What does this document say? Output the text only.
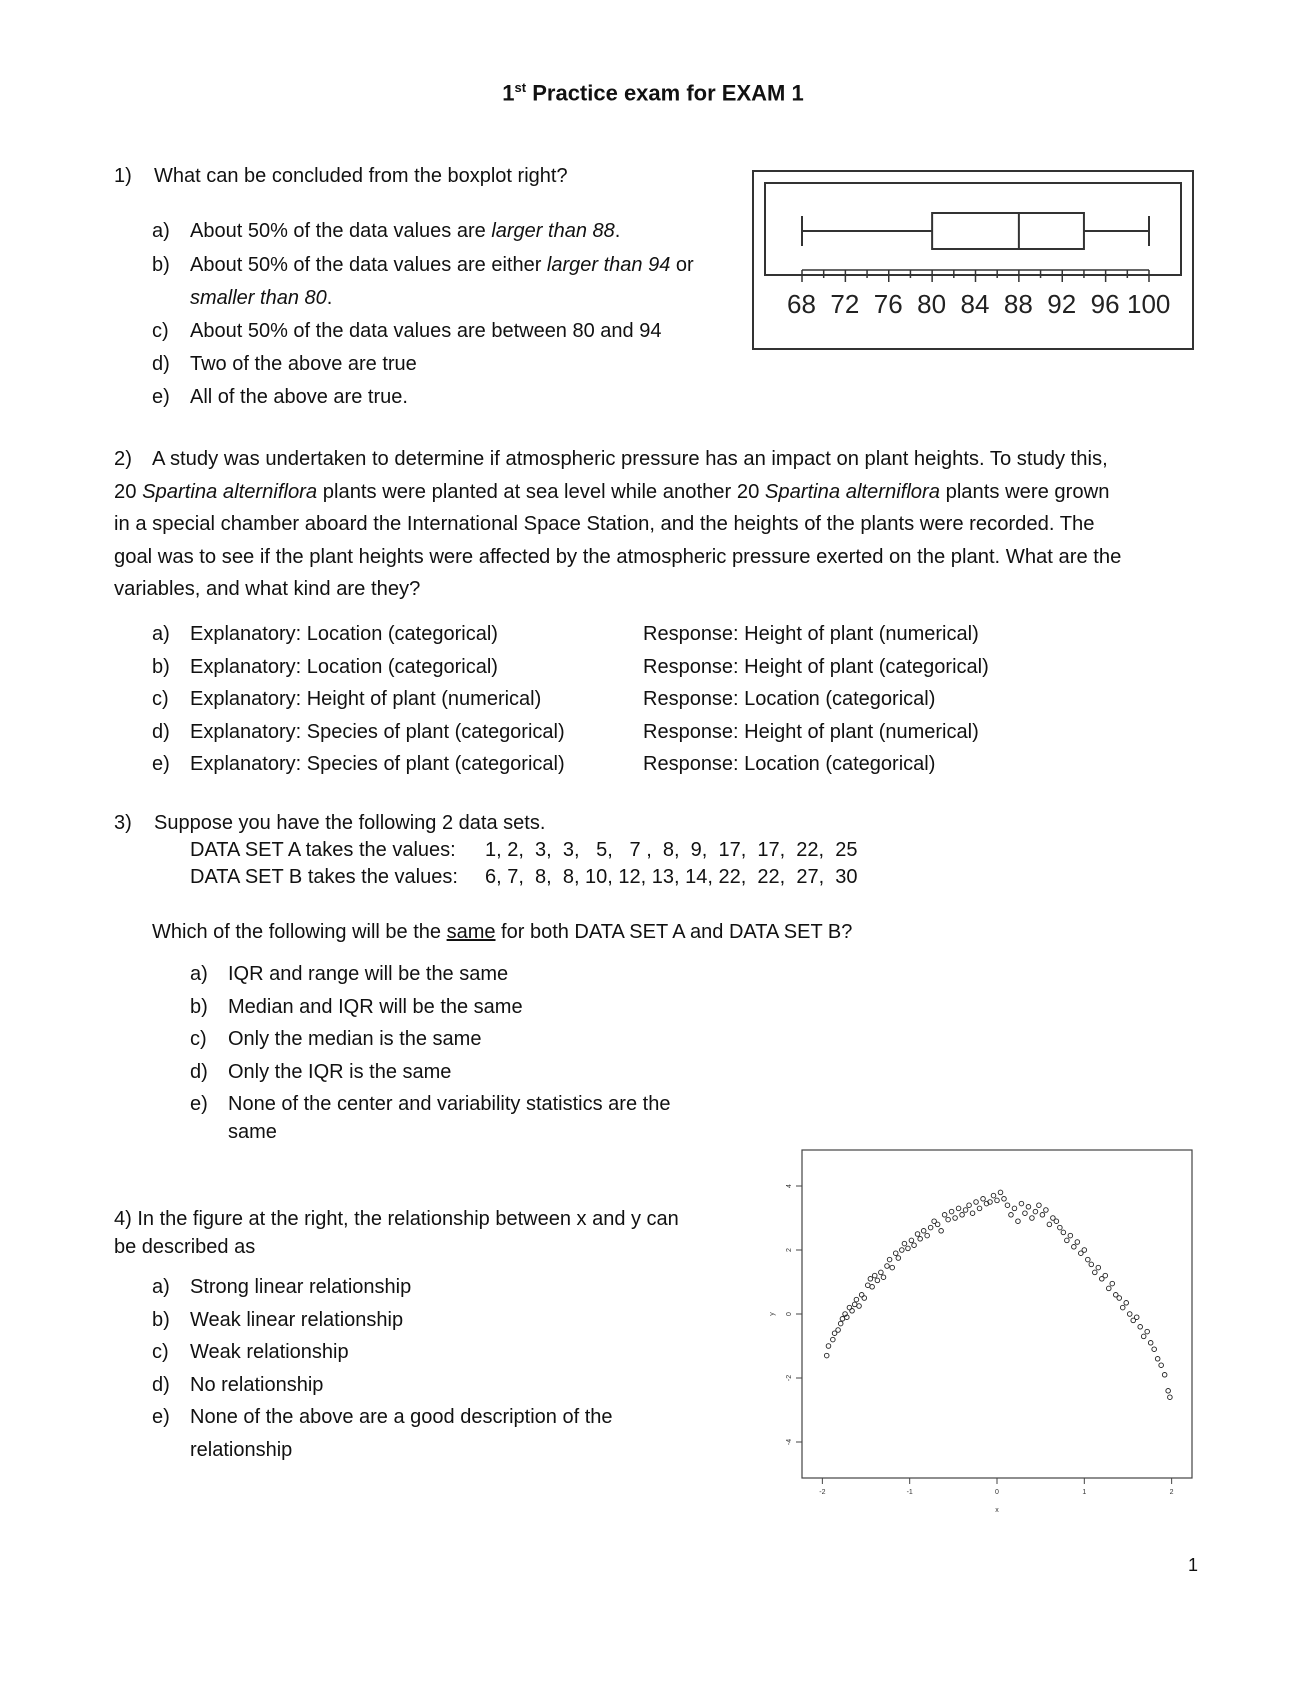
1st Practice exam for EXAM 1
1) What can be concluded from the boxplot right?
a) About 50% of the data values are larger than 88.
b) About 50% of the data values are either larger than 94 or
smaller than 80.
c) About 50% of the data values are between 80 and 94
d) Two of the above are true
e) All of the above are true.
68 72 76 80 84 88 92 96 100
2) A study was undertaken to determine if atmospheric pressure has an impact on plant heights. To study this,
20 Spartina alterniflora plants were planted at sea level while another 20 Spartina alterniflora plants were grown
in a special chamber aboard the International Space Station, and the heights of the plants were recorded. The
goal was to see if the plant heights were affected by the atmospheric pressure exerted on the plant. What are the
variables, and what kind are they?
a) Explanatory: Location (categorical)	Response: Height of plant (numerical)
b) Explanatory: Location (categorical)	Response: Height of plant (categorical)
c) Explanatory: Height of plant (numerical)	Response: Location (categorical)
d) Explanatory: Species of plant (categorical)	Response: Height of plant (numerical)
e) Explanatory: Species of plant (categorical)	Response: Location (categorical)
3) Suppose you have the following 2 data sets.
DATA SET A takes the values: 1, 2,  3,  3,   5,   7 ,  8,  9,  17,  17,  22,  25
DATA SET B takes the values: 6, 7,  8,  8, 10, 12, 13, 14, 22,  22,  27,  30
Which of the following will be the same for both DATA SET A and DATA SET B?
a) IQR and range will be the same
b) Median and IQR will be the same
c) Only the median is the same
d) Only the IQR is the same
e) None of the center and variability statistics are the
same
4) In the figure at the right, the relationship between x and y can
be described as
a) Strong linear relationship
b) Weak linear relationship
c) Weak relationship
d) No relationship
e) None of the above are a good description of the
relationship	-4
-2
0
2
4
-2	-1	0	1	2
x
y
1
